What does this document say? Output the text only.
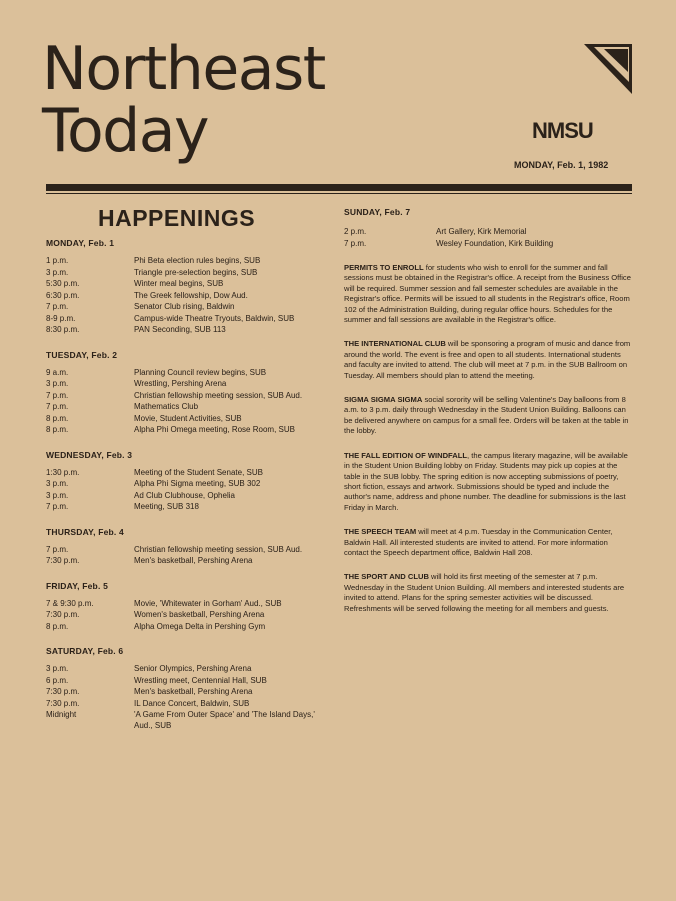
Northeast
Today	NMSU
MONDAY, Feb. 1, 1982
HAPPENINGS
MONDAY, Feb. 1
1 p.m.	Phi Beta election rules begins, SUB
3 p.m.	Triangle pre-selection begins, SUB
5:30 p.m.	Winter meal begins, SUB
6:30 p.m.	The Greek fellowship, Dow Aud.
7 p.m.	Senator Club rising, Baldwin
8-9 p.m.	Campus-wide Theatre Tryouts, Baldwin, SUB
8:30 p.m.	PAN Seconding, SUB 113
TUESDAY, Feb. 2
9 a.m.	Planning Council review begins, SUB
3 p.m.	Wrestling, Pershing Arena
7 p.m.	Christian fellowship meeting session, SUB Aud.
7 p.m.	Mathematics Club
8 p.m.	Movie, Student Activities, SUB
8 p.m.	Alpha Phi Omega meeting, Rose Room, SUB
WEDNESDAY, Feb. 3
1:30 p.m.	Meeting of the Student Senate, SUB
3 p.m.	Alpha Phi Sigma meeting, SUB 302
3 p.m.	Ad Club Clubhouse, Ophelia
7 p.m.	Meeting, SUB 318
THURSDAY, Feb. 4
7 p.m.	Christian fellowship meeting session, SUB Aud.
7:30 p.m.	Men's basketball, Pershing Arena
FRIDAY, Feb. 5
7 & 9:30 p.m.	Movie, 'Whitewater in Gorham' Aud., SUB
7:30 p.m.	Women's basketball, Pershing Arena
8 p.m.	Alpha Omega Delta in Pershing Gym
SATURDAY, Feb. 6
3 p.m.	Senior Olympics, Pershing Arena
6 p.m.	Wrestling meet, Centennial Hall, SUB
7:30 p.m.	Men's basketball, Pershing Arena
7:30 p.m.	IL Dance Concert, Baldwin, SUB
Midnight	'A Game From Outer Space' and 'The Island Days,' Aud., SUB
SUNDAY, Feb. 7
2 p.m.	Art Gallery, Kirk Memorial
7 p.m.	Wesley Foundation, Kirk Building
PERMITS TO ENROLL for students who wish to enroll for the summer and fall sessions must be obtained in the Registrar's office. A receipt from the Business Office will be required. Summer session and fall semester schedules are available in the Registrar's office. Permits will be issued to all students in the Registrar's office, Room 102 of the Administration Building, during regular office hours. Schedules for the summer and fall sessions are available in the Registrar's office.
THE INTERNATIONAL CLUB will be sponsoring a program of music and dance from around the world. The event is free and open to all students. International students and faculty are invited to attend. The club will meet at 7 p.m. in the SUB Ballroom on Tuesday. All members should plan to attend the meeting.
SIGMA SIGMA SIGMA social sorority will be selling Valentine's Day balloons from 8 a.m. to 3 p.m. daily through Wednesday in the Student Union Building. Balloons can be delivered anywhere on campus for a small fee. Orders will be taken at the table in the lobby.
THE FALL EDITION OF WINDFALL, the campus literary magazine, will be available in the Student Union Building lobby on Friday. Students may pick up copies at the table in the SUB lobby. The spring edition is now accepting submissions of poetry, short fiction, essays and artwork. Submissions should be typed and include the author's name, address and phone number. The deadline for submissions is the last Friday in March.
THE SPEECH TEAM will meet at 4 p.m. Tuesday in the Communication Center, Baldwin Hall. All interested students are invited to attend. For more information contact the Speech department office, Baldwin Hall 208.
THE SPORT AND CLUB will hold its first meeting of the semester at 7 p.m. Wednesday in the Student Union Building. All members and interested students are invited to attend. Plans for the spring semester activities will be discussed. Refreshments will be served following the meeting for all members and guests.
